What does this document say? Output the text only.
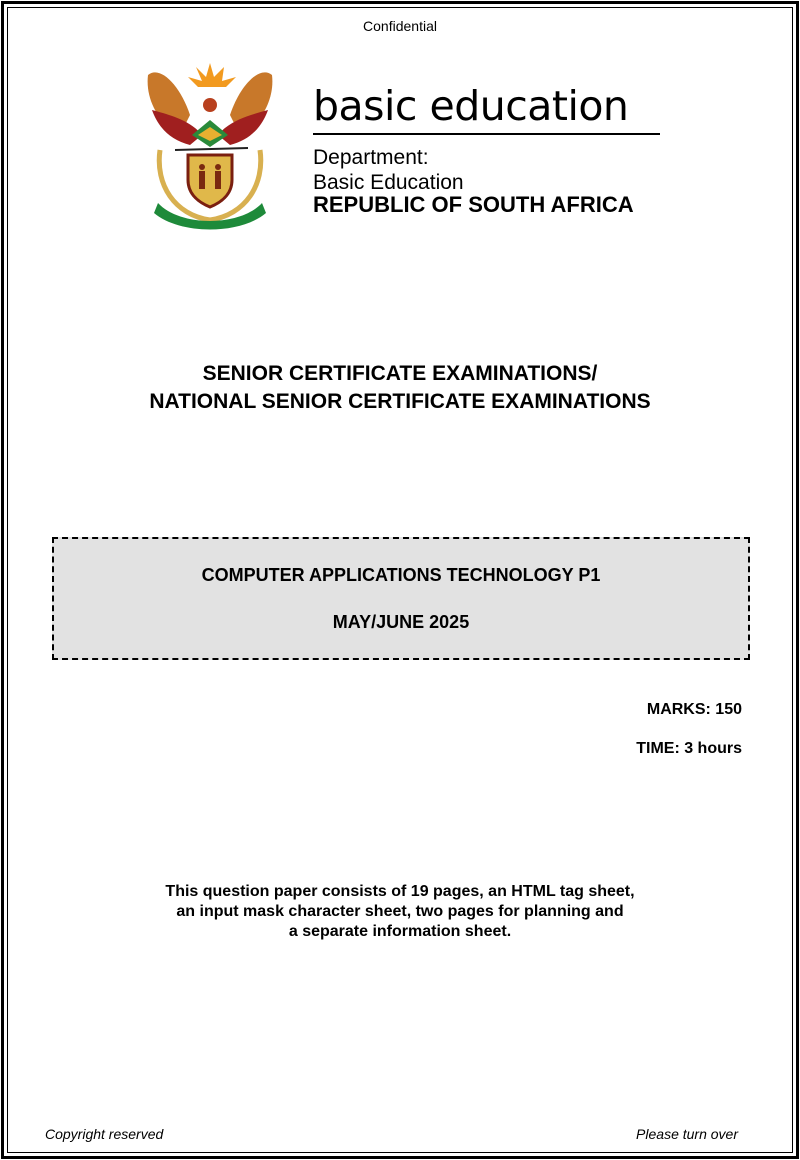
Confidential
basic education
Department:
Basic Education
REPUBLIC OF SOUTH AFRICA
SENIOR CERTIFICATE EXAMINATIONS/
NATIONAL SENIOR CERTIFICATE EXAMINATIONS
COMPUTER APPLICATIONS TECHNOLOGY P1
MAY/JUNE 2025
MARKS: 150
TIME: 3 hours
This question paper consists of 19 pages, an HTML tag sheet,
an input mask character sheet, two pages for planning and
a separate information sheet.
Copyright reserved	Please turn over
